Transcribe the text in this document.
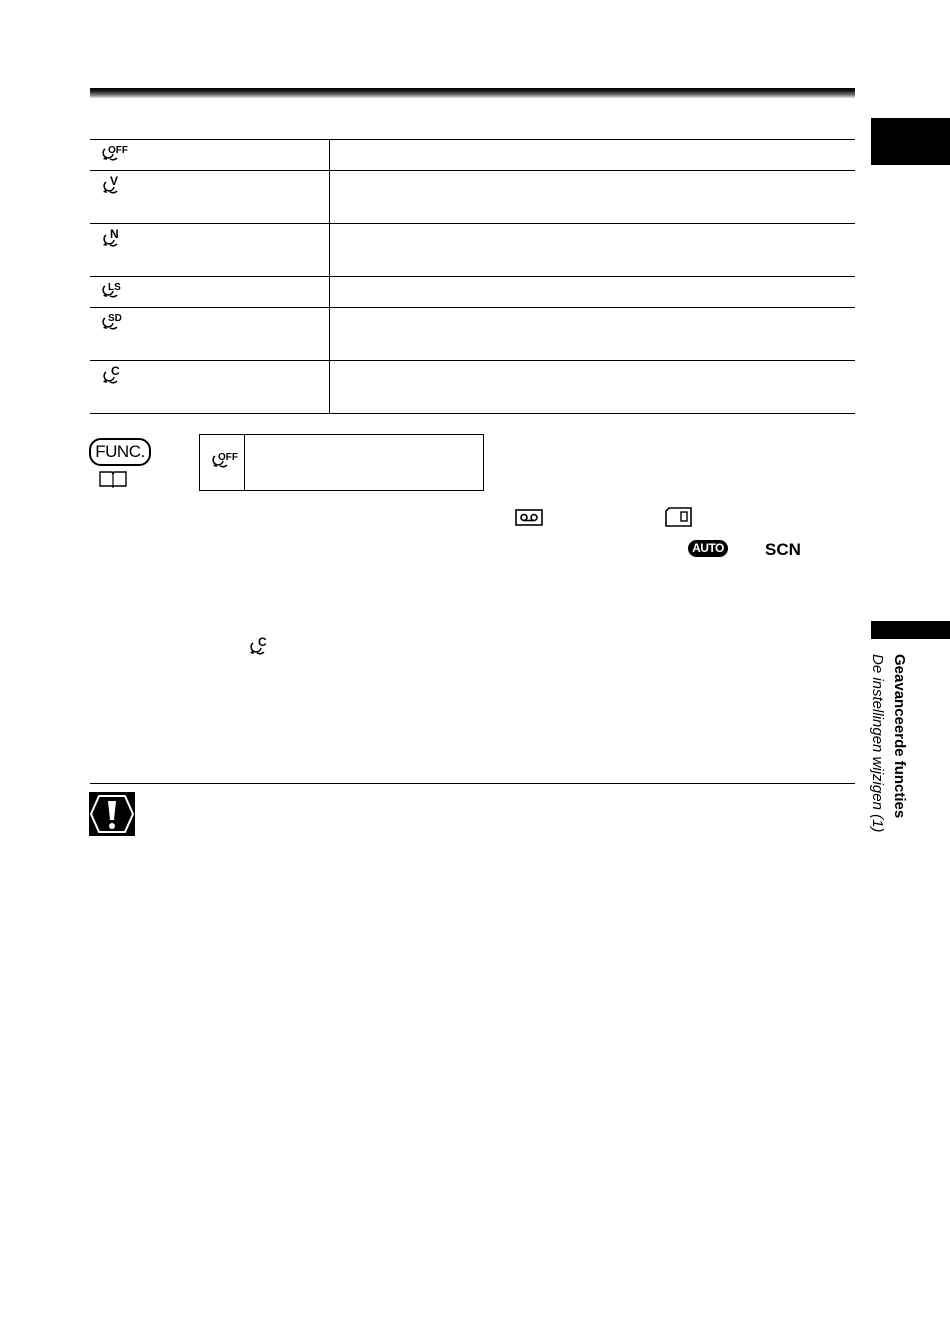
Geavanceerde functies
De instellingen wijzigen (1)
OFF	

V	

N	

LS	

SD	

C	

FUNC.	OFF
AUTO SCN
C
